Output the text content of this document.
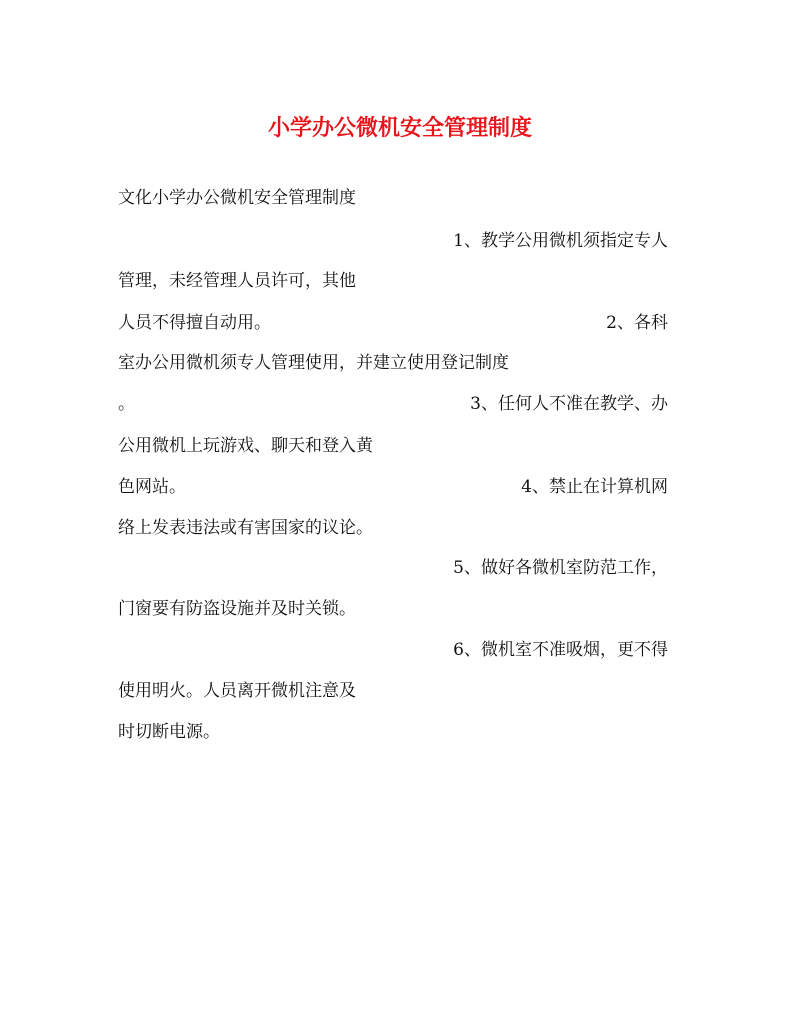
小学办公微机安全管理制度

文化小学办公微机安全管理制度

1、教学公用微机须指定专人

管理，未经管理人员许可，其他

人员不得擅自动用。	2、各科

室办公用微机须专人管理使用，并建立使用登记制度

。	3、任何人不准在教学、办

公用微机上玩游戏、聊天和登入黄

色网站。	4、禁止在计算机网

络上发表违法或有害国家的议论。

5、做好各微机室防范工作，

门窗要有防盗设施并及时关锁。

6、微机室不准吸烟，更不得

使用明火。人员离开微机注意及

时切断电源。
